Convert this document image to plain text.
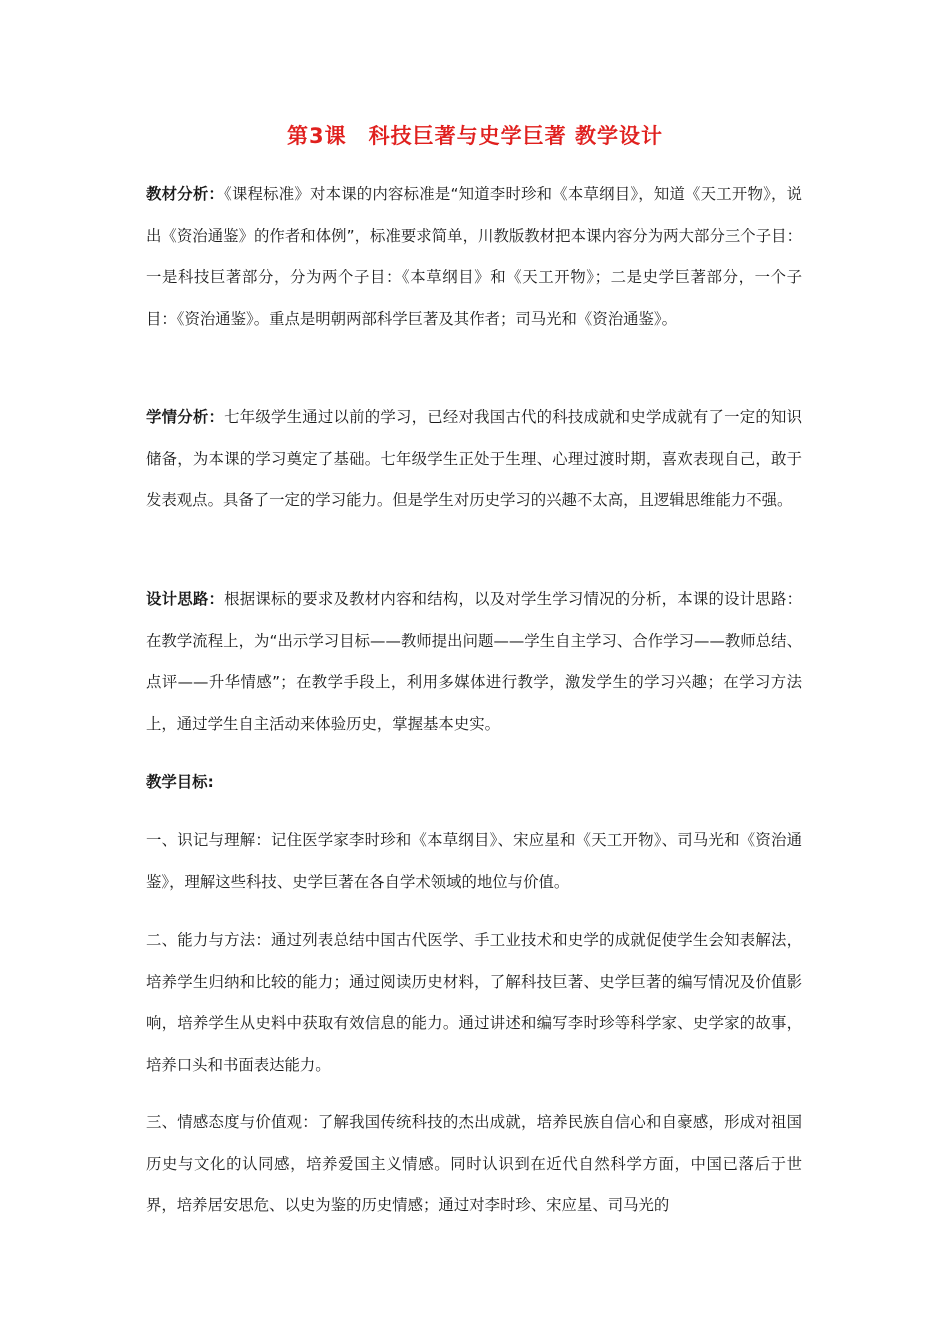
第3课　科技巨著与史学巨著 教学设计

教材分析：《课程标准》对本课的内容标准是“知道李时珍和《本草纲目》，知道《天工开物》，说出《资治通鉴》的作者和体例”，标准要求简单，川教版教材把本课内容分为两大部分三个子目：一是科技巨著部分，分为两个子目：《本草纲目》和《天工开物》；二是史学巨著部分，一个子目：《资治通鉴》。重点是明朝两部科学巨著及其作者；司马光和《资治通鉴》。

学情分析：七年级学生通过以前的学习，已经对我国古代的科技成就和史学成就有了一定的知识储备，为本课的学习奠定了基础。七年级学生正处于生理、心理过渡时期，喜欢表现自己，敢于发表观点。具备了一定的学习能力。但是学生对历史学习的兴趣不太高，且逻辑思维能力不强。

设计思路：根据课标的要求及教材内容和结构，以及对学生学习情况的分析，本课的设计思路：在教学流程上，为“出示学习目标——教师提出问题——学生自主学习、合作学习——教师总结、点评——升华情感”；在教学手段上，利用多媒体进行教学，激发学生的学习兴趣；在学习方法上，通过学生自主活动来体验历史，掌握基本史实。

教学目标:

一、识记与理解：记住医学家李时珍和《本草纲目》、宋应星和《天工开物》、司马光和《资治通鉴》，理解这些科技、史学巨著在各自学术领域的地位与价值。

二、能力与方法：通过列表总结中国古代医学、手工业技术和史学的成就促使学生会知表解法，培养学生归纳和比较的能力；通过阅读历史材料，了解科技巨著、史学巨著的编写情况及价值影响，培养学生从史料中获取有效信息的能力。通过讲述和编写李时珍等科学家、史学家的故事，培养口头和书面表达能力。

三、情感态度与价值观：了解我国传统科技的杰出成就，培养民族自信心和自豪感，形成对祖国历史与文化的认同感，培养爱国主义情感。同时认识到在近代自然科学方面，中国已落后于世界，培养居安思危、以史为鉴的历史情感；通过对李时珍、宋应星、司马光的
